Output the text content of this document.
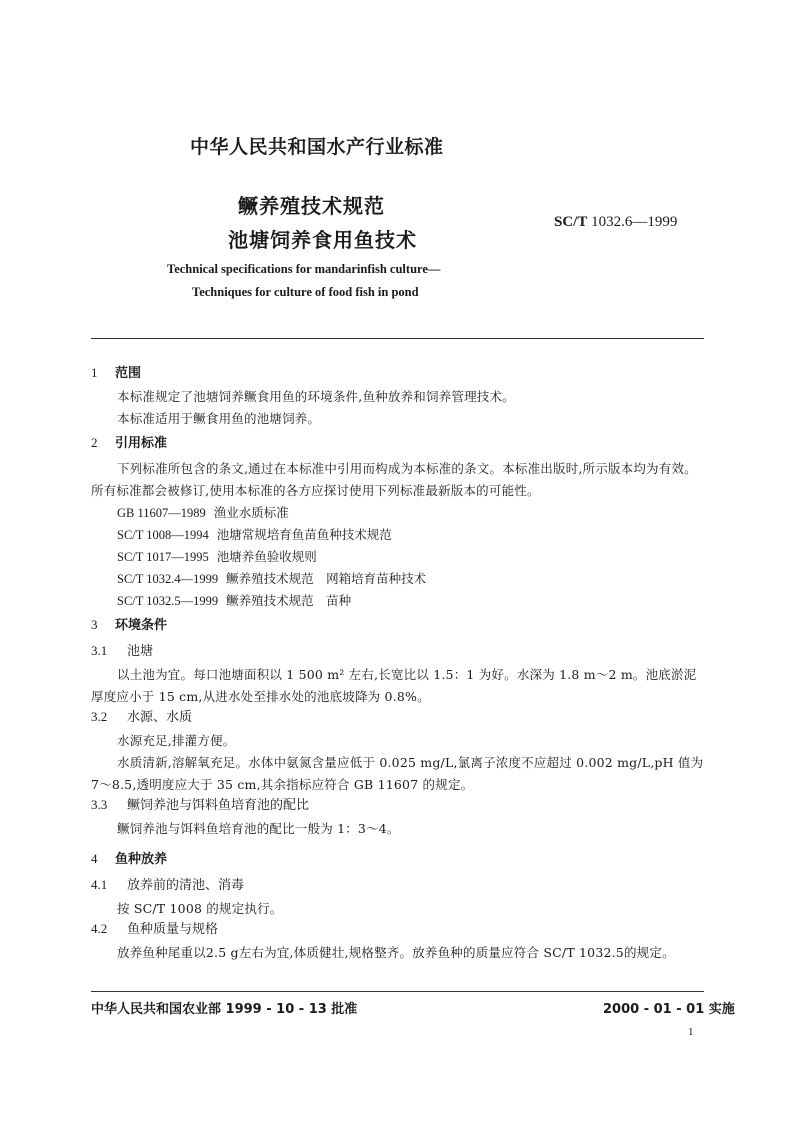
中华人民共和国水产行业标准
鳜养殖技术规范
池塘饲养食用鱼技术
SC/T 1032.6—1999
Technical specifications for mandarinfish culture—
Techniques for culture of food fish in pond
1 范围

本标准规定了池塘饲养鳜食用鱼的环境条件,鱼种放养和饲养管理技术。

本标准适用于鳜食用鱼的池塘饲养。

2 引用标准

下列标准所包含的条文,通过在本标准中引用而构成为本标准的条文。本标准出版时,所示版本均为有效。所有标准都会被修订,使用本标准的各方应探讨使用下列标准最新版本的可能性。

GB 11607—1989 渔业水质标准
SC/T 1008—1994 池塘常规培育鱼苗鱼种技术规范
SC/T 1017—1995 池塘养鱼验收规则
SC/T 1032.4—1999 鳜养殖技术规范　网箱培育苗种技术
SC/T 1032.5—1999 鳜养殖技术规范　苗种
3 环境条件
3.1 池塘

以土池为宜。每口池塘面积以 1 500 m² 左右,长宽比以 1.5：1 为好。水深为 1.8 m～2 m。池底淤泥厚度应小于 15 cm,从进水处至排水处的池底坡降为 0.8%。

3.2 水源、水质

水源充足,排灌方便。

水质清新,溶解氧充足。水体中氨氮含量应低于 0.025 mg/L,氯离子浓度不应超过 0.002 mg/L,pH 值为 7～8.5,透明度应大于 35 cm,其余指标应符合 GB 11607 的规定。

3.3 鳜饲养池与饵料鱼培育池的配比

鳜饲养池与饵料鱼培育池的配比一般为 1：3～4。

4 鱼种放养
4.1 放养前的清池、消毒

按 SC/T 1008 的规定执行。

4.2 鱼种质量与规格

放养鱼种尾重以2.5 g左右为宜,体质健壮,规格整齐。放养鱼种的质量应符合 SC/T 1032.5的规定。

中华人民共和国农业部 1999 - 10 - 13 批准	2000 - 01 - 01 实施
1
